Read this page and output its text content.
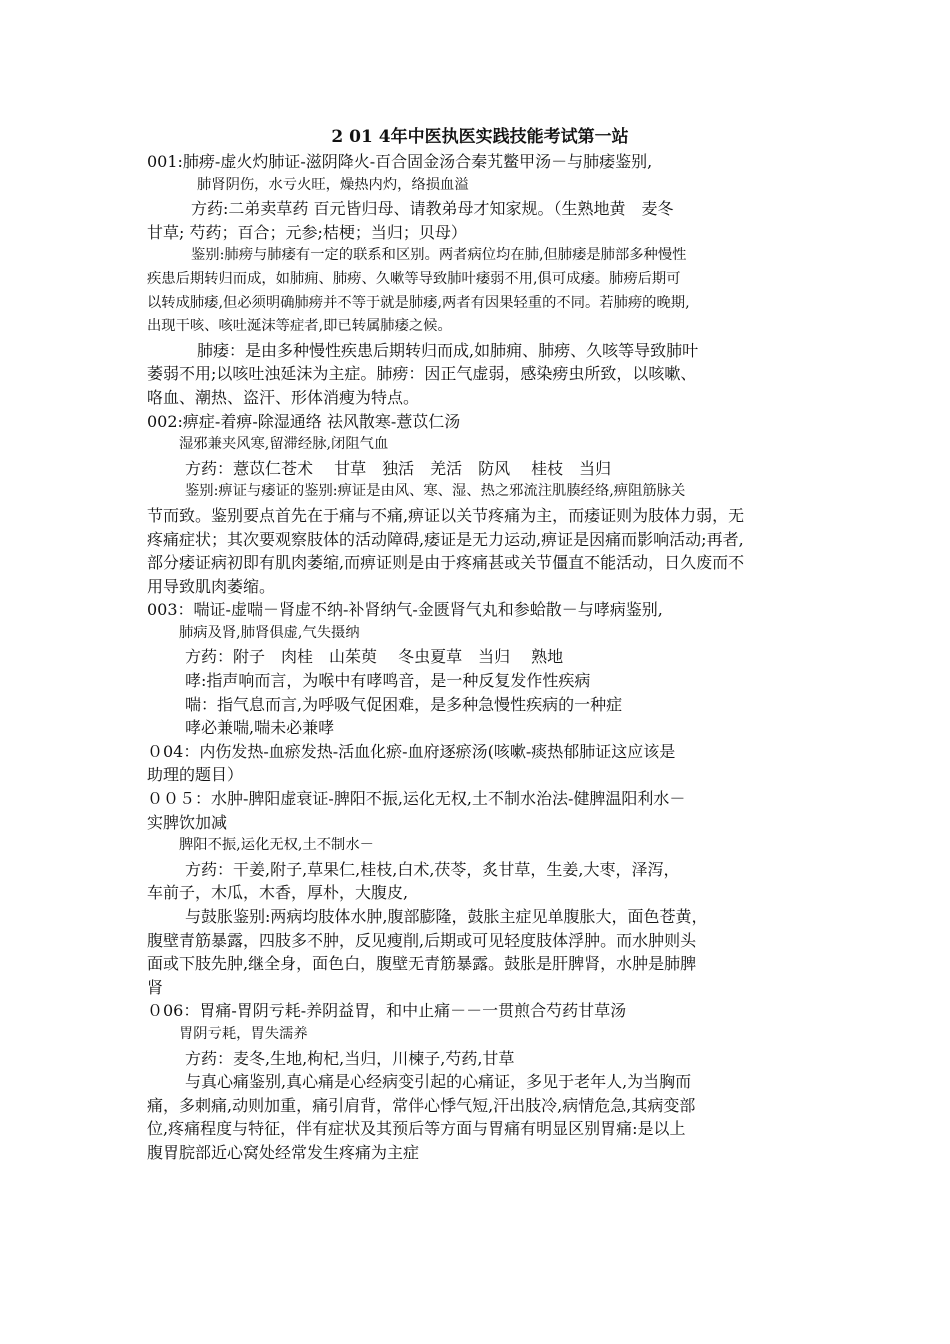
2 01 4年中医执医实践技能考试第一站
001:肺痨-虚火灼肺证-滋阴降火-百合固金汤合秦艽鳖甲汤－与肺痿鉴别,
肺肾阴伤，水亏火旺，燥热内灼，络损血溢
方药:二弟卖草药 百元皆归母、请教弟母才知家规。（生熟地黄　麦冬
甘草; 芍药；百合；元参;桔梗；当归；贝母）
鉴别:肺痨与肺痿有一定的联系和区别。两者病位均在肺,但肺痿是肺部多种慢性
疾患后期转归而成，如肺痈、肺痨、久嗽等导致肺叶痿弱不用,俱可成痿。肺痨后期可
以转成肺痿,但必须明确肺痨并不等于就是肺痿,两者有因果轻重的不同。若肺痨的晚期,
出现干咳、咳吐涎沫等症者,即已转属肺痿之候。
肺痿：是由多种慢性疾患后期转归而成,如肺痈、肺痨、久咳等导致肺叶
萎弱不用;以咳吐浊延沫为主症。肺痨：因正气虚弱，感染痨虫所致，以咳嗽、
咯血、潮热、盗汗、形体消瘦为特点。
002:痹症-着痹-除湿通络 祛风散寒-薏苡仁汤
湿邪兼夹风寒,留滞经脉,闭阻气血
方药：薏苡仁苍术　 甘草　独活　羌活　防风　 桂枝　当归
鉴别:痹证与痿证的鉴别:痹证是由风、寒、湿、热之邪流注肌腠经络,痹阻筋脉关
节而致。鉴别要点首先在于痛与不痛,痹证以关节疼痛为主，而痿证则为肢体力弱，无
疼痛症状；其次要观察肢体的活动障碍,痿证是无力运动,痹证是因痛而影响活动;再者,
部分痿证病初即有肌肉萎缩,而痹证则是由于疼痛甚或关节僵直不能活动，日久废而不
用导致肌肉萎缩。
003：喘证-虚喘－肾虚不纳-补肾纳气-金匮肾气丸和参蛤散－与哮病鉴别,
肺病及肾,肺肾俱虚,气失摄纳
方药：附子　肉桂　山茱萸　 冬虫夏草　当归　 熟地
哮:指声响而言，为喉中有哮鸣音，是一种反复发作性疾病
喘：指气息而言,为呼吸气促困难，是多种急慢性疾病的一种症
哮必兼喘,喘未必兼哮
０04：内伤发热-血瘀发热-活血化瘀-血府逐瘀汤(咳嗽-痰热郁肺证这应该是
助理的题目）
００５：水肿-脾阳虚衰证-脾阳不振,运化无权,土不制水治法-健脾温阳利水－
实脾饮加减
脾阳不振,运化无权,土不制水－
方药：干姜,附子,草果仁,桂枝,白术,茯苓，炙甘草，生姜,大枣，泽泻，
车前子，木瓜，木香，厚朴，大腹皮,
与鼓胀鉴别:两病均肢体水肿,腹部膨隆，鼓胀主症见单腹胀大，面色苍黄，
腹壁青筋暴露，四肢多不肿，反见瘦削,后期或可见轻度肢体浮肿。而水肿则头
面或下肢先肿,继全身，面色白，腹壁无青筋暴露。鼓胀是肝脾肾，水肿是肺脾
肾
０06：胃痛-胃阴亏耗-养阴益胃，和中止痛－－一贯煎合芍药甘草汤
胃阴亏耗，胃失濡养
方药：麦冬,生地,枸杞,当归，川楝子,芍药,甘草
与真心痛鉴别,真心痛是心经病变引起的心痛证，多见于老年人,为当胸而
痛，多刺痛,动则加重，痛引肩背，常伴心悸气短,汗出肢冷,病情危急,其病变部
位,疼痛程度与特征，伴有症状及其预后等方面与胃痛有明显区别胃痛:是以上
腹胃脘部近心窝处经常发生疼痛为主症
